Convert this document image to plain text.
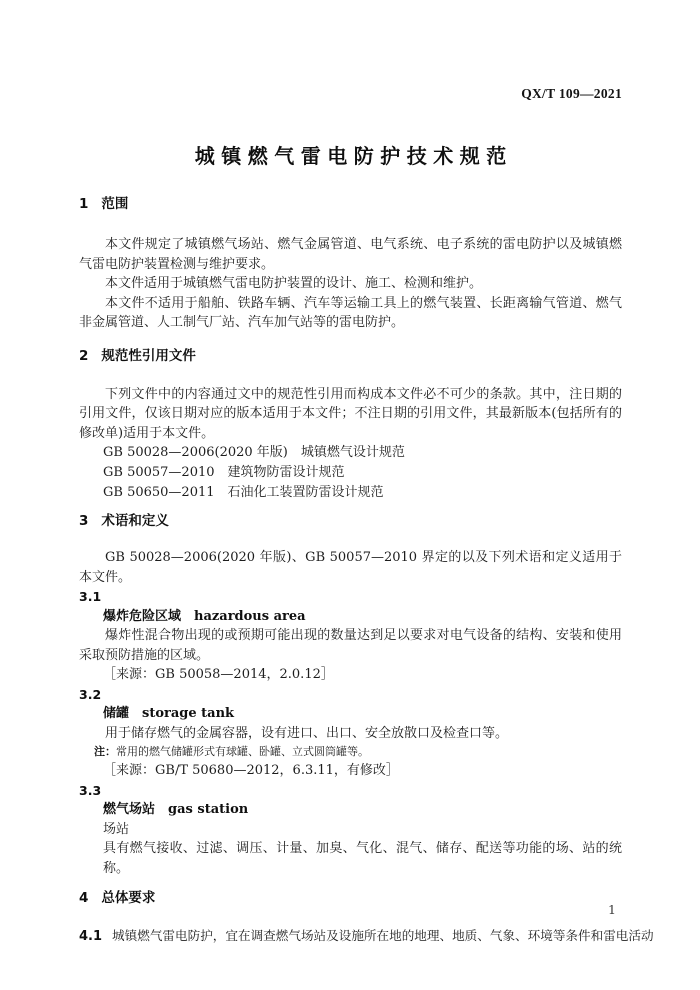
QX/T 109—2021
城镇燃气雷电防护技术规范
1 范围

本文件规定了城镇燃气场站、燃气金属管道、电气系统、电子系统的雷电防护以及城镇燃气雷电防护装置检测与维护要求。

本文件适用于城镇燃气雷电防护装置的设计、施工、检测和维护。

本文件不适用于船舶、铁路车辆、汽车等运输工具上的燃气装置、长距离输气管道、燃气非金属管道、人工制气厂站、汽车加气站等的雷电防护。

2 规范性引用文件

下列文件中的内容通过文中的规范性引用而构成本文件必不可少的条款。其中，注日期的引用文件，仅该日期对应的版本适用于本文件；不注日期的引用文件，其最新版本(包括所有的修改单)适用于本文件。

GB 50028—2006(2020 年版)　城镇燃气设计规范

GB 50057—2010　建筑物防雷设计规范

GB 50650—2011　石油化工装置防雷设计规范

3 术语和定义

GB 50028—2006(2020 年版)、GB 50057—2010 界定的以及下列术语和定义适用于本文件。

3.1
爆炸危险区域 hazardous area

爆炸性混合物出现的或预期可能出现的数量达到足以要求对电气设备的结构、安装和使用采取预防措施的区域。

［来源：GB 50058—2014，2.0.12］
3.2
储罐 storage tank

用于储存燃气的金属容器，设有进口、出口、安全放散口及检查口等。

注：常用的燃气储罐形式有球罐、卧罐、立式圆筒罐等。
［来源：GB/T 50680—2012，6.3.11，有修改］
3.3
燃气场站 gas station
场站

具有燃气接收、过滤、调压、计量、加臭、气化、混气、储存、配送等功能的场、站的统称。

4 总体要求

4.1 城镇燃气雷电防护，宜在调查燃气场站及设施所在地的地理、地质、气象、环境等条件和雷电活动

1
